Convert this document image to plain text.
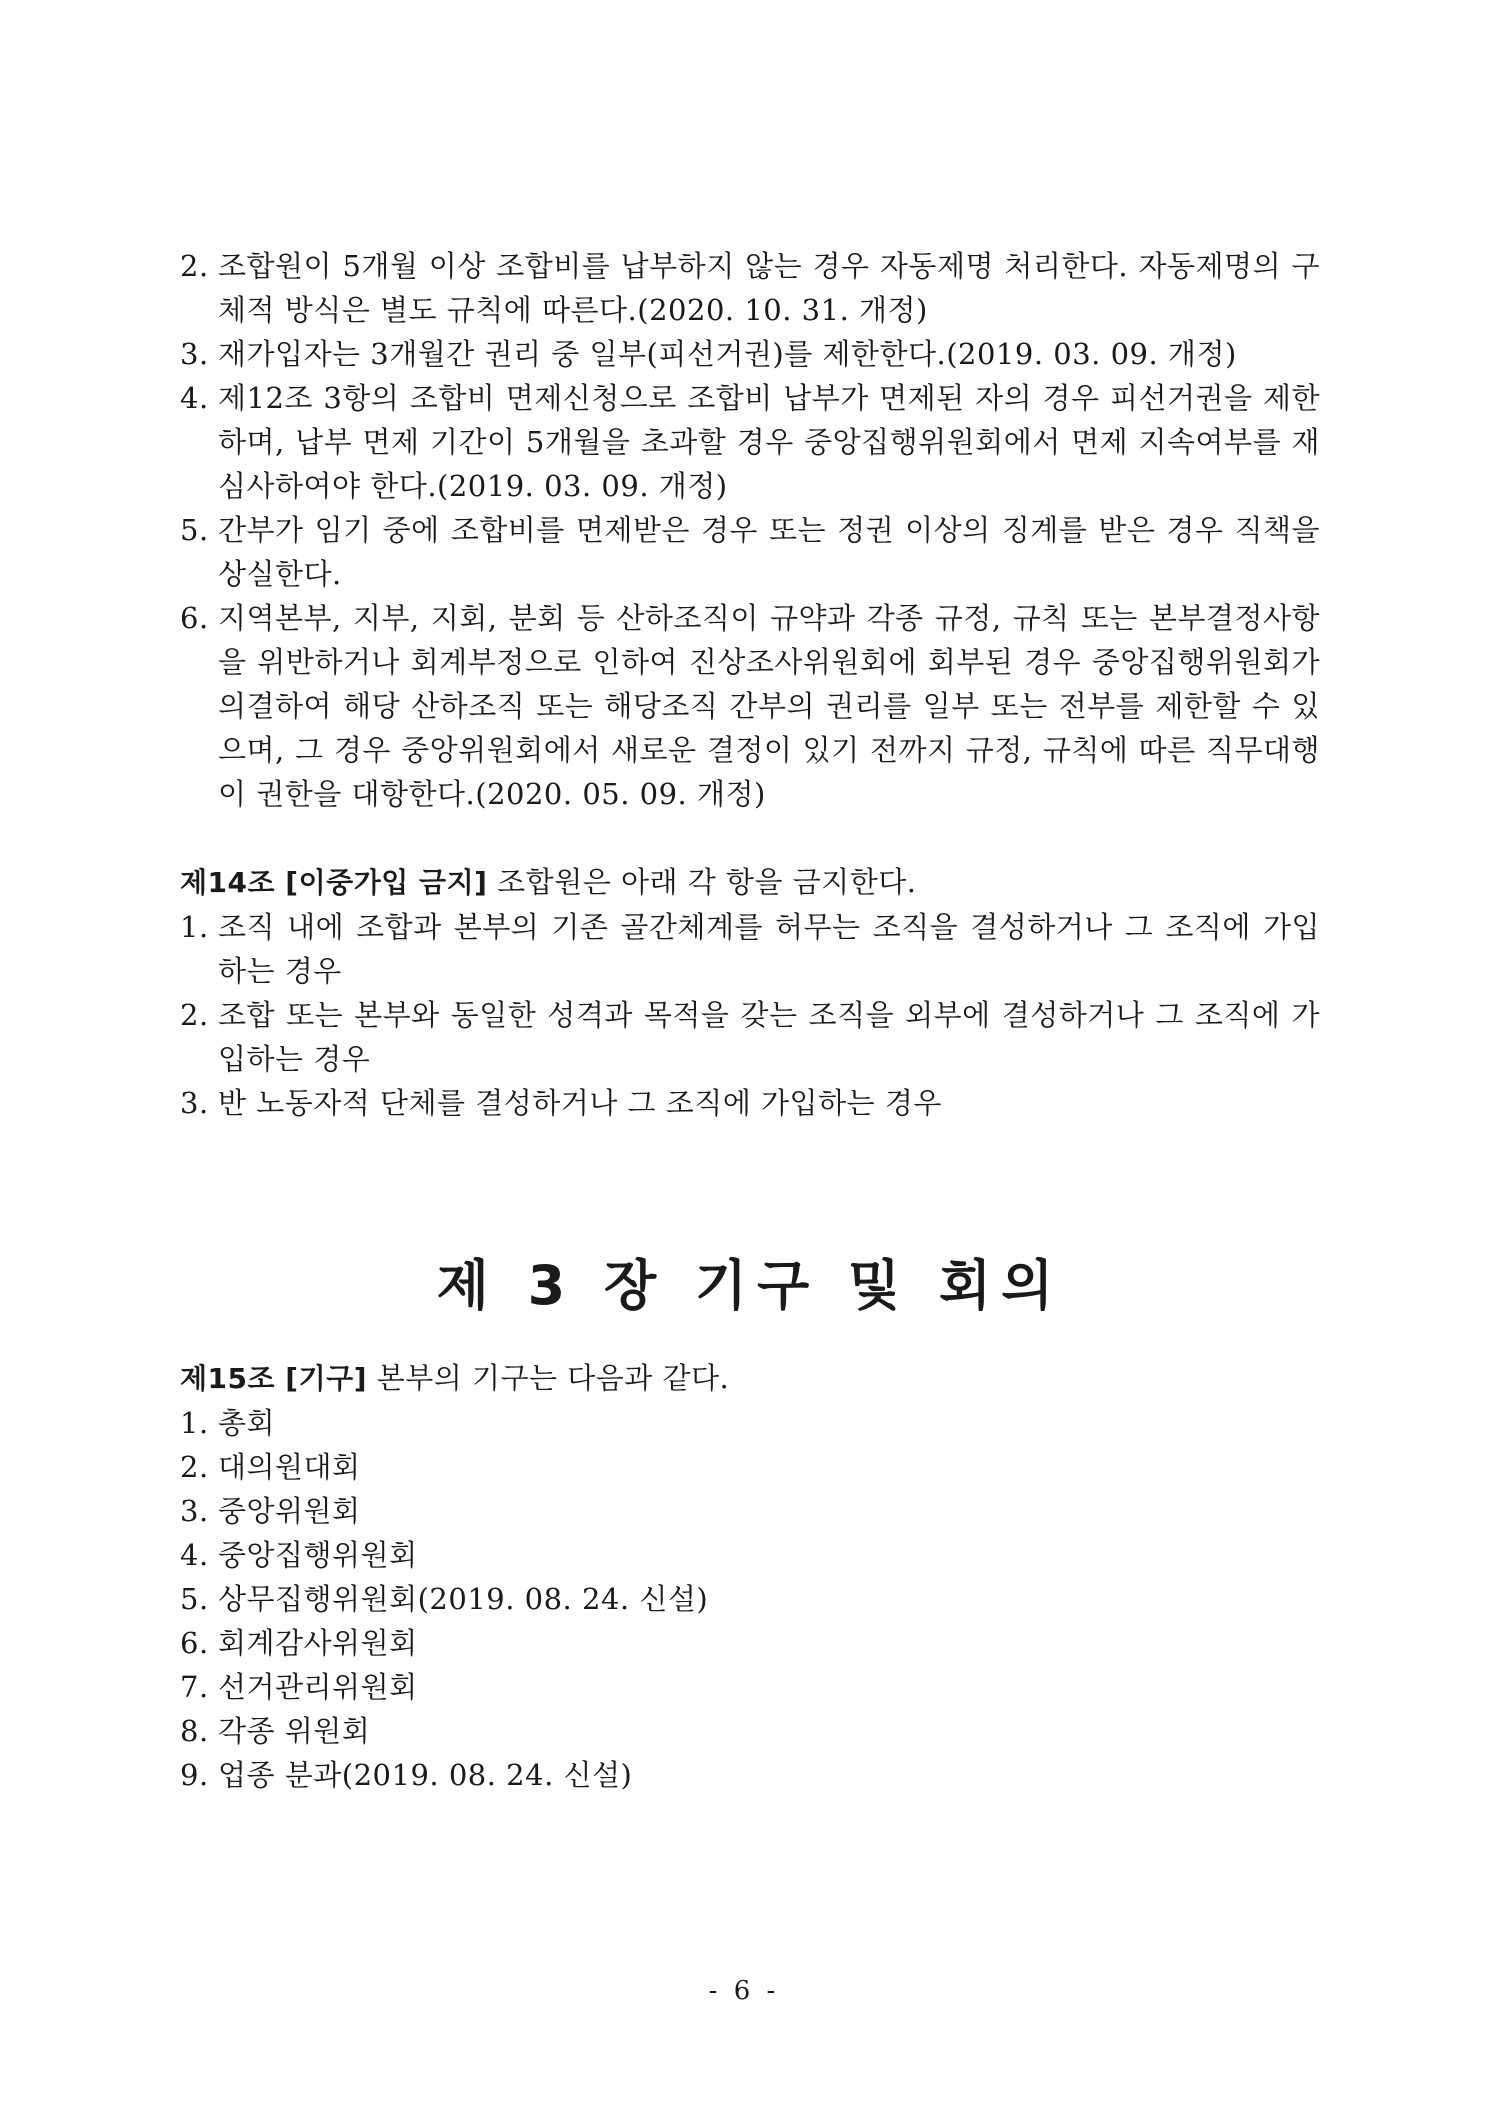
2. 조합원이 5개월 이상 조합비를 납부하지 않는 경우 자동제명 처리한다. 자동제명의 구체적 방식은 별도 규칙에 따른다.(2020. 10. 31. 개정)
3. 재가입자는 3개월간 권리 중 일부(피선거권)를 제한한다.(2019. 03. 09. 개정)
4. 제12조 3항의 조합비 면제신청으로 조합비 납부가 면제된 자의 경우 피선거권을 제한하며, 납부 면제 기간이 5개월을 초과할 경우 중앙집행위원회에서 면제 지속여부를 재심사하여야 한다.(2019. 03. 09. 개정)
5. 간부가 임기 중에 조합비를 면제받은 경우 또는 정권 이상의 징계를 받은 경우 직책을 상실한다.
6. 지역본부, 지부, 지회, 분회 등 산하조직이 규약과 각종 규정, 규칙 또는 본부결정사항을 위반하거나 회계부정으로 인하여 진상조사위원회에 회부된 경우 중앙집행위원회가 의결하여 해당 산하조직 또는 해당조직 간부의 권리를 일부 또는 전부를 제한할 수 있으며, 그 경우 중앙위원회에서 새로운 결정이 있기 전까지 규정, 규칙에 따른 직무대행이 권한을 대항한다.(2020. 05. 09. 개정)
제14조 [이중가입 금지] 조합원은 아래 각 항을 금지한다.
1. 조직 내에 조합과 본부의 기존 골간체계를 허무는 조직을 결성하거나 그 조직에 가입하는 경우
2. 조합 또는 본부와 동일한 성격과 목적을 갖는 조직을 외부에 결성하거나 그 조직에 가입하는 경우
3. 반 노동자적 단체를 결성하거나 그 조직에 가입하는 경우
제 3 장 기구 및 회의
제15조 [기구] 본부의 기구는 다음과 같다.
1. 총회
2. 대의원대회
3. 중앙위원회
4. 중앙집행위원회
5. 상무집행위원회(2019. 08. 24. 신설)
6. 회계감사위원회
7. 선거관리위원회
8. 각종 위원회
9. 업종 분과(2019. 08. 24. 신설)
- 6 -
